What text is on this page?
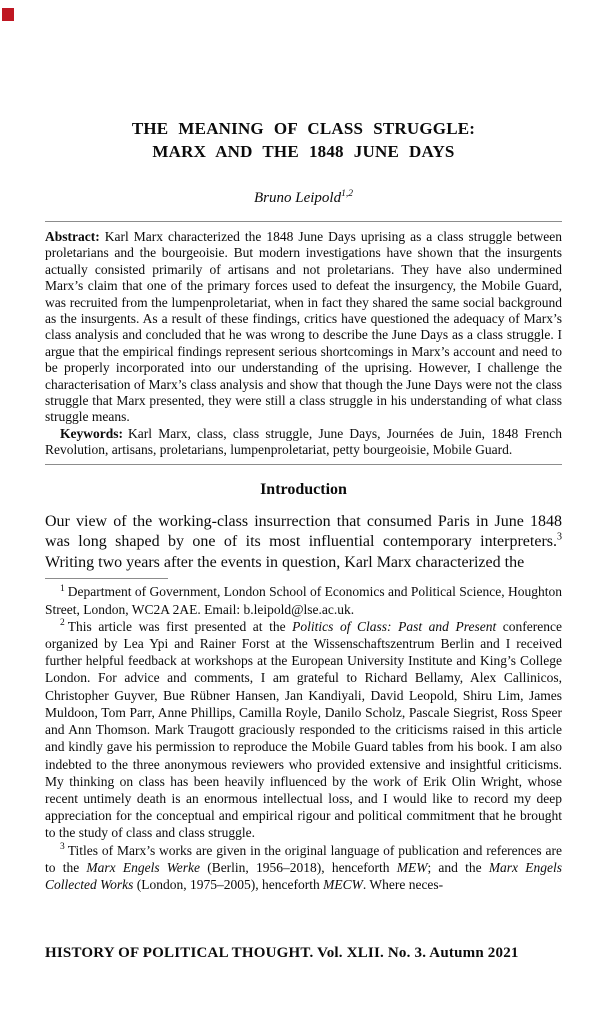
THE MEANING OF CLASS STRUGGLE:
MARX AND THE 1848 JUNE DAYS
Bruno Leipold$^{1,2}$

Abstract: Karl Marx characterized the 1848 June Days uprising as a class struggle between proletarians and the bourgeoisie. But modern investigations have shown that the insurgents actually consisted primarily of artisans and not proletarians. They have also undermined Marx’s claim that one of the primary forces used to defeat the insurgency, the Mobile Guard, was recruited from the lumpenproletariat, when in fact they shared the same social background as the insurgents. As a result of these findings, critics have questioned the adequacy of Marx’s class analysis and concluded that he was wrong to describe the June Days as a class struggle. I argue that the empirical findings represent serious shortcomings in Marx’s account and need to be properly incorporated into our understanding of the uprising. However, I challenge the characterisation of Marx’s class analysis and show that though the June Days were not the class struggle that Marx presented, they were still a class struggle in his understanding of what class struggle means.

Keywords: Karl Marx, class, class struggle, June Days, Journées de Juin, 1848 French Revolution, artisans, proletarians, lumpenproletariat, petty bourgeoisie, Mobile Guard.

Introduction

Our view of the working-class insurrection that consumed Paris in June 1848 was long shaped by one of its most influential contemporary interpreters.$^3$ Writing two years after the events in question, Karl Marx characterized the

$^1$ Department of Government, London School of Economics and Political Science, Houghton Street, London, WC2A 2AE. Email: b.leipold@lse.ac.uk.

$^2$ This article was first presented at the Politics of Class: Past and Present conference organized by Lea Ypi and Rainer Forst at the Wissenschaftszentrum Berlin and I received further helpful feedback at workshops at the European University Institute and King’s College London. For advice and comments, I am grateful to Richard Bellamy, Alex Callinicos, Christopher Guyver, Bue Rübner Hansen, Jan Kandiyali, David Leopold, Shiru Lim, James Muldoon, Tom Parr, Anne Phillips, Camilla Royle, Danilo Scholz, Pascale Siegrist, Ross Speer and Ann Thomson. Mark Traugott graciously responded to the criticisms raised in this article and kindly gave his permission to reproduce the Mobile Guard tables from his book. I am also indebted to the three anonymous reviewers who provided extensive and insightful criticisms. My thinking on class has been heavily influenced by the work of Erik Olin Wright, whose recent untimely death is an enormous intellectual loss, and I would like to record my deep appreciation for the conceptual and empirical rigour and political commitment that he brought to the study of class and class struggle.

$^3$ Titles of Marx’s works are given in the original language of publication and references are to the Marx Engels Werke (Berlin, 1956–2018), henceforth MEW; and the Marx Engels Collected Works (London, 1975–2005), henceforth MECW. Where neces-

HISTORY OF POLITICAL THOUGHT. Vol. XLII. No. 3. Autumn 2021
